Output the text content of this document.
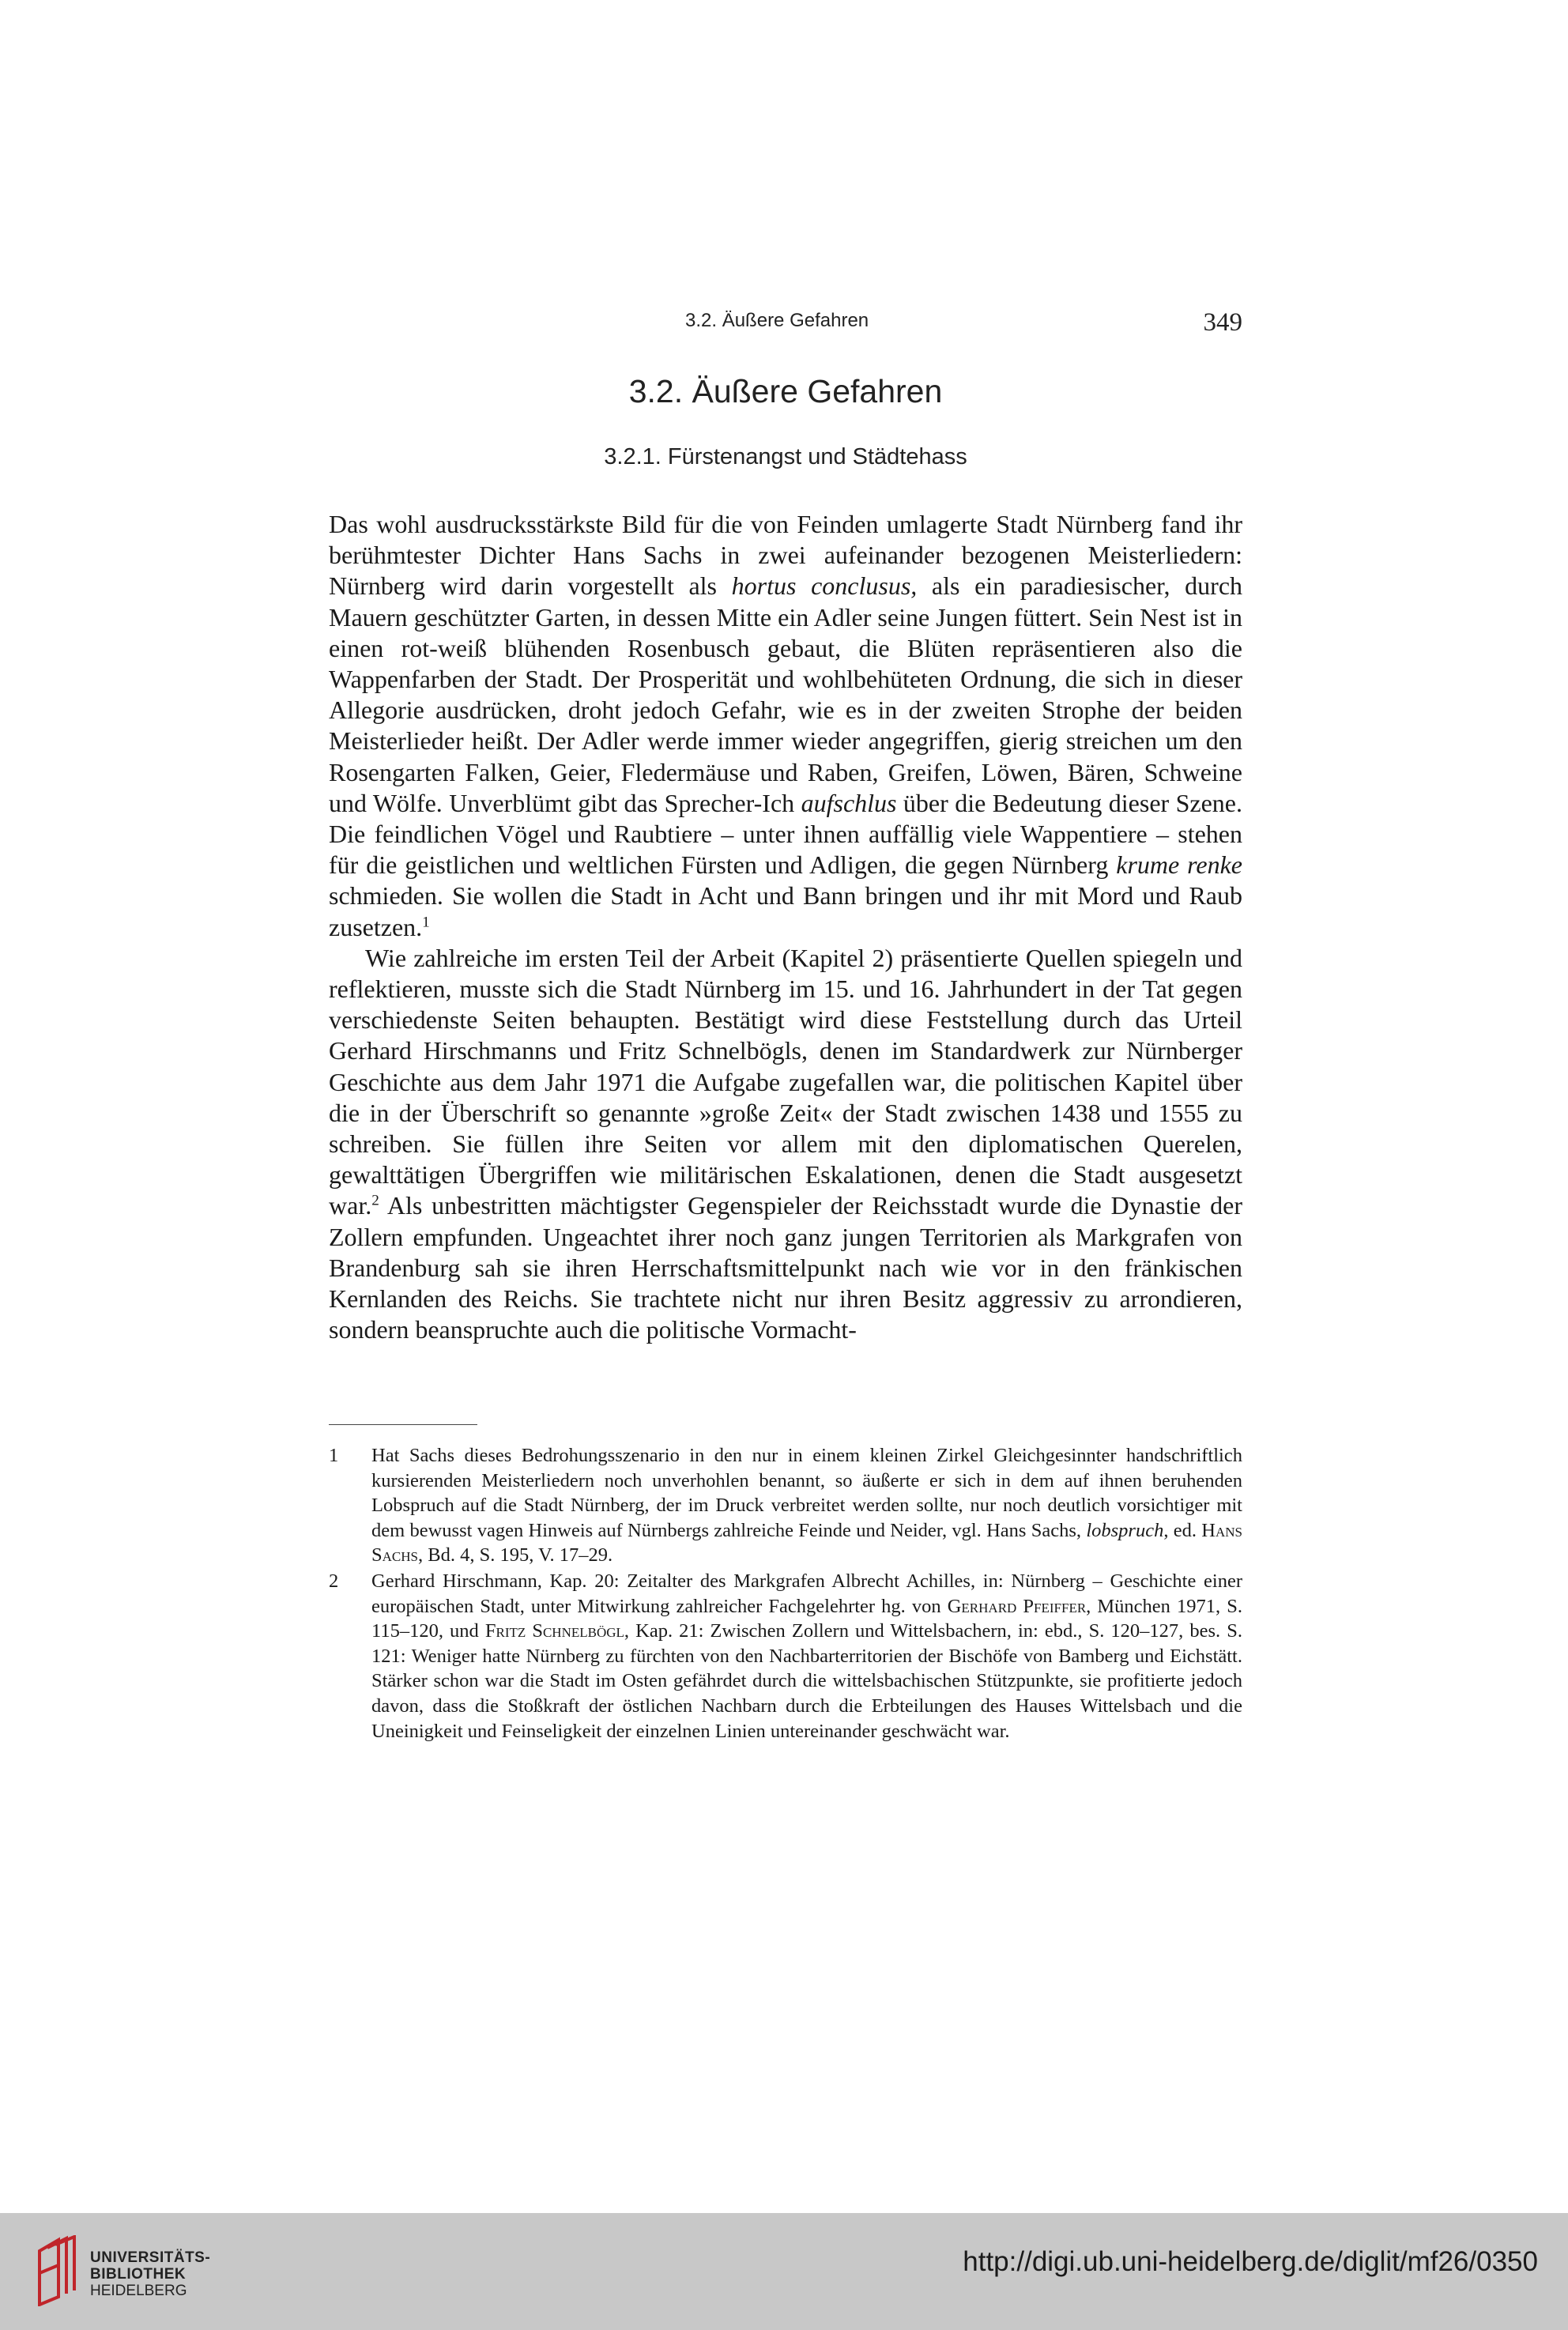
3.2. Äußere Gefahren	349
3.2. Äußere Gefahren
3.2.1. Fürstenangst und Städtehass

Das wohl ausdrucksstärkste Bild für die von Feinden umlagerte Stadt Nürnberg fand ihr berühmtester Dichter Hans Sachs in zwei aufeinander bezogenen Meisterliedern: Nürnberg wird darin vorgestellt als hortus conclusus, als ein paradiesischer, durch Mauern geschützter Garten, in dessen Mitte ein Adler seine Jungen füttert. Sein Nest ist in einen rot-weiß blühenden Rosenbusch gebaut, die Blüten repräsentieren also die Wappenfarben der Stadt. Der Prosperität und wohlbehüteten Ordnung, die sich in dieser Allegorie ausdrücken, droht jedoch Gefahr, wie es in der zweiten Strophe der beiden Meisterlieder heißt. Der Adler werde immer wieder angegriffen, gierig streichen um den Rosengarten Falken, Geier, Fledermäuse und Raben, Greifen, Löwen, Bären, Schweine und Wölfe. Unverblümt gibt das Sprecher-Ich aufschlus über die Bedeutung dieser Szene. Die feindlichen Vögel und Raubtiere – unter ihnen auffällig viele Wappentiere – stehen für die geistlichen und weltlichen Fürsten und Adligen, die gegen Nürnberg krume renke schmieden. Sie wollen die Stadt in Acht und Bann bringen und ihr mit Mord und Raub zusetzen.$^1$

Wie zahlreiche im ersten Teil der Arbeit (Kapitel 2) präsentierte Quellen spiegeln und reflektieren, musste sich die Stadt Nürnberg im 15. und 16. Jahrhundert in der Tat gegen verschiedenste Seiten behaupten. Bestätigt wird diese Feststellung durch das Urteil Gerhard Hirschmanns und Fritz Schnelbögls, denen im Standardwerk zur Nürnberger Geschichte aus dem Jahr 1971 die Aufgabe zugefallen war, die politischen Kapitel über die in der Überschrift so genannte »große Zeit« der Stadt zwischen 1438 und 1555 zu schreiben. Sie füllen ihre Seiten vor allem mit den diplomatischen Querelen, gewalttätigen Übergriffen wie militärischen Eskalationen, denen die Stadt ausgesetzt war.$^2$ Als unbestritten mächtigster Gegenspieler der Reichsstadt wurde die Dynastie der Zollern empfunden. Ungeachtet ihrer noch ganz jungen Territorien als Markgrafen von Brandenburg sah sie ihren Herrschaftsmittelpunkt nach wie vor in den fränkischen Kernlanden des Reichs. Sie trachtete nicht nur ihren Besitz aggressiv zu arrondieren, sondern beanspruchte auch die politische Vormacht-

1 Hat Sachs dieses Bedrohungsszenario in den nur in einem kleinen Zirkel Gleichgesinnter handschriftlich kursierenden Meisterliedern noch unverhohlen benannt, so äußerte er sich in dem auf ihnen beruhenden Lobspruch auf die Stadt Nürnberg, der im Druck verbreitet werden sollte, nur noch deutlich vorsichtiger mit dem bewusst vagen Hinweis auf Nürnbergs zahlreiche Feinde und Neider, vgl. Hans Sachs, lobspruch, ed. Hans Sachs, Bd. 4, S. 195, V. 17–29.
2 Gerhard Hirschmann, Kap. 20: Zeitalter des Markgrafen Albrecht Achilles, in: Nürnberg – Geschichte einer europäischen Stadt, unter Mitwirkung zahlreicher Fachgelehrter hg. von Gerhard Pfeiffer, München 1971, S. 115–120, und Fritz Schnelbögl, Kap. 21: Zwischen Zollern und Wittelsbachern, in: ebd., S. 120–127, bes. S. 121: Weniger hatte Nürnberg zu fürchten von den Nachbarterritorien der Bischöfe von Bamberg und Eichstätt. Stärker schon war die Stadt im Osten gefährdet durch die wittelsbachischen Stützpunkte, sie profitierte jedoch davon, dass die Stoßkraft der östlichen Nachbarn durch die Erbteilungen des Hauses Wittelsbach und die Uneinigkeit und Feinseligkeit der einzelnen Linien untereinander geschwächt war.
UNIVERSITÄTS-
BIBLIOTHEK
HEIDELBERG
http://digi.ub.uni-heidelberg.de/diglit/mf26/0350
